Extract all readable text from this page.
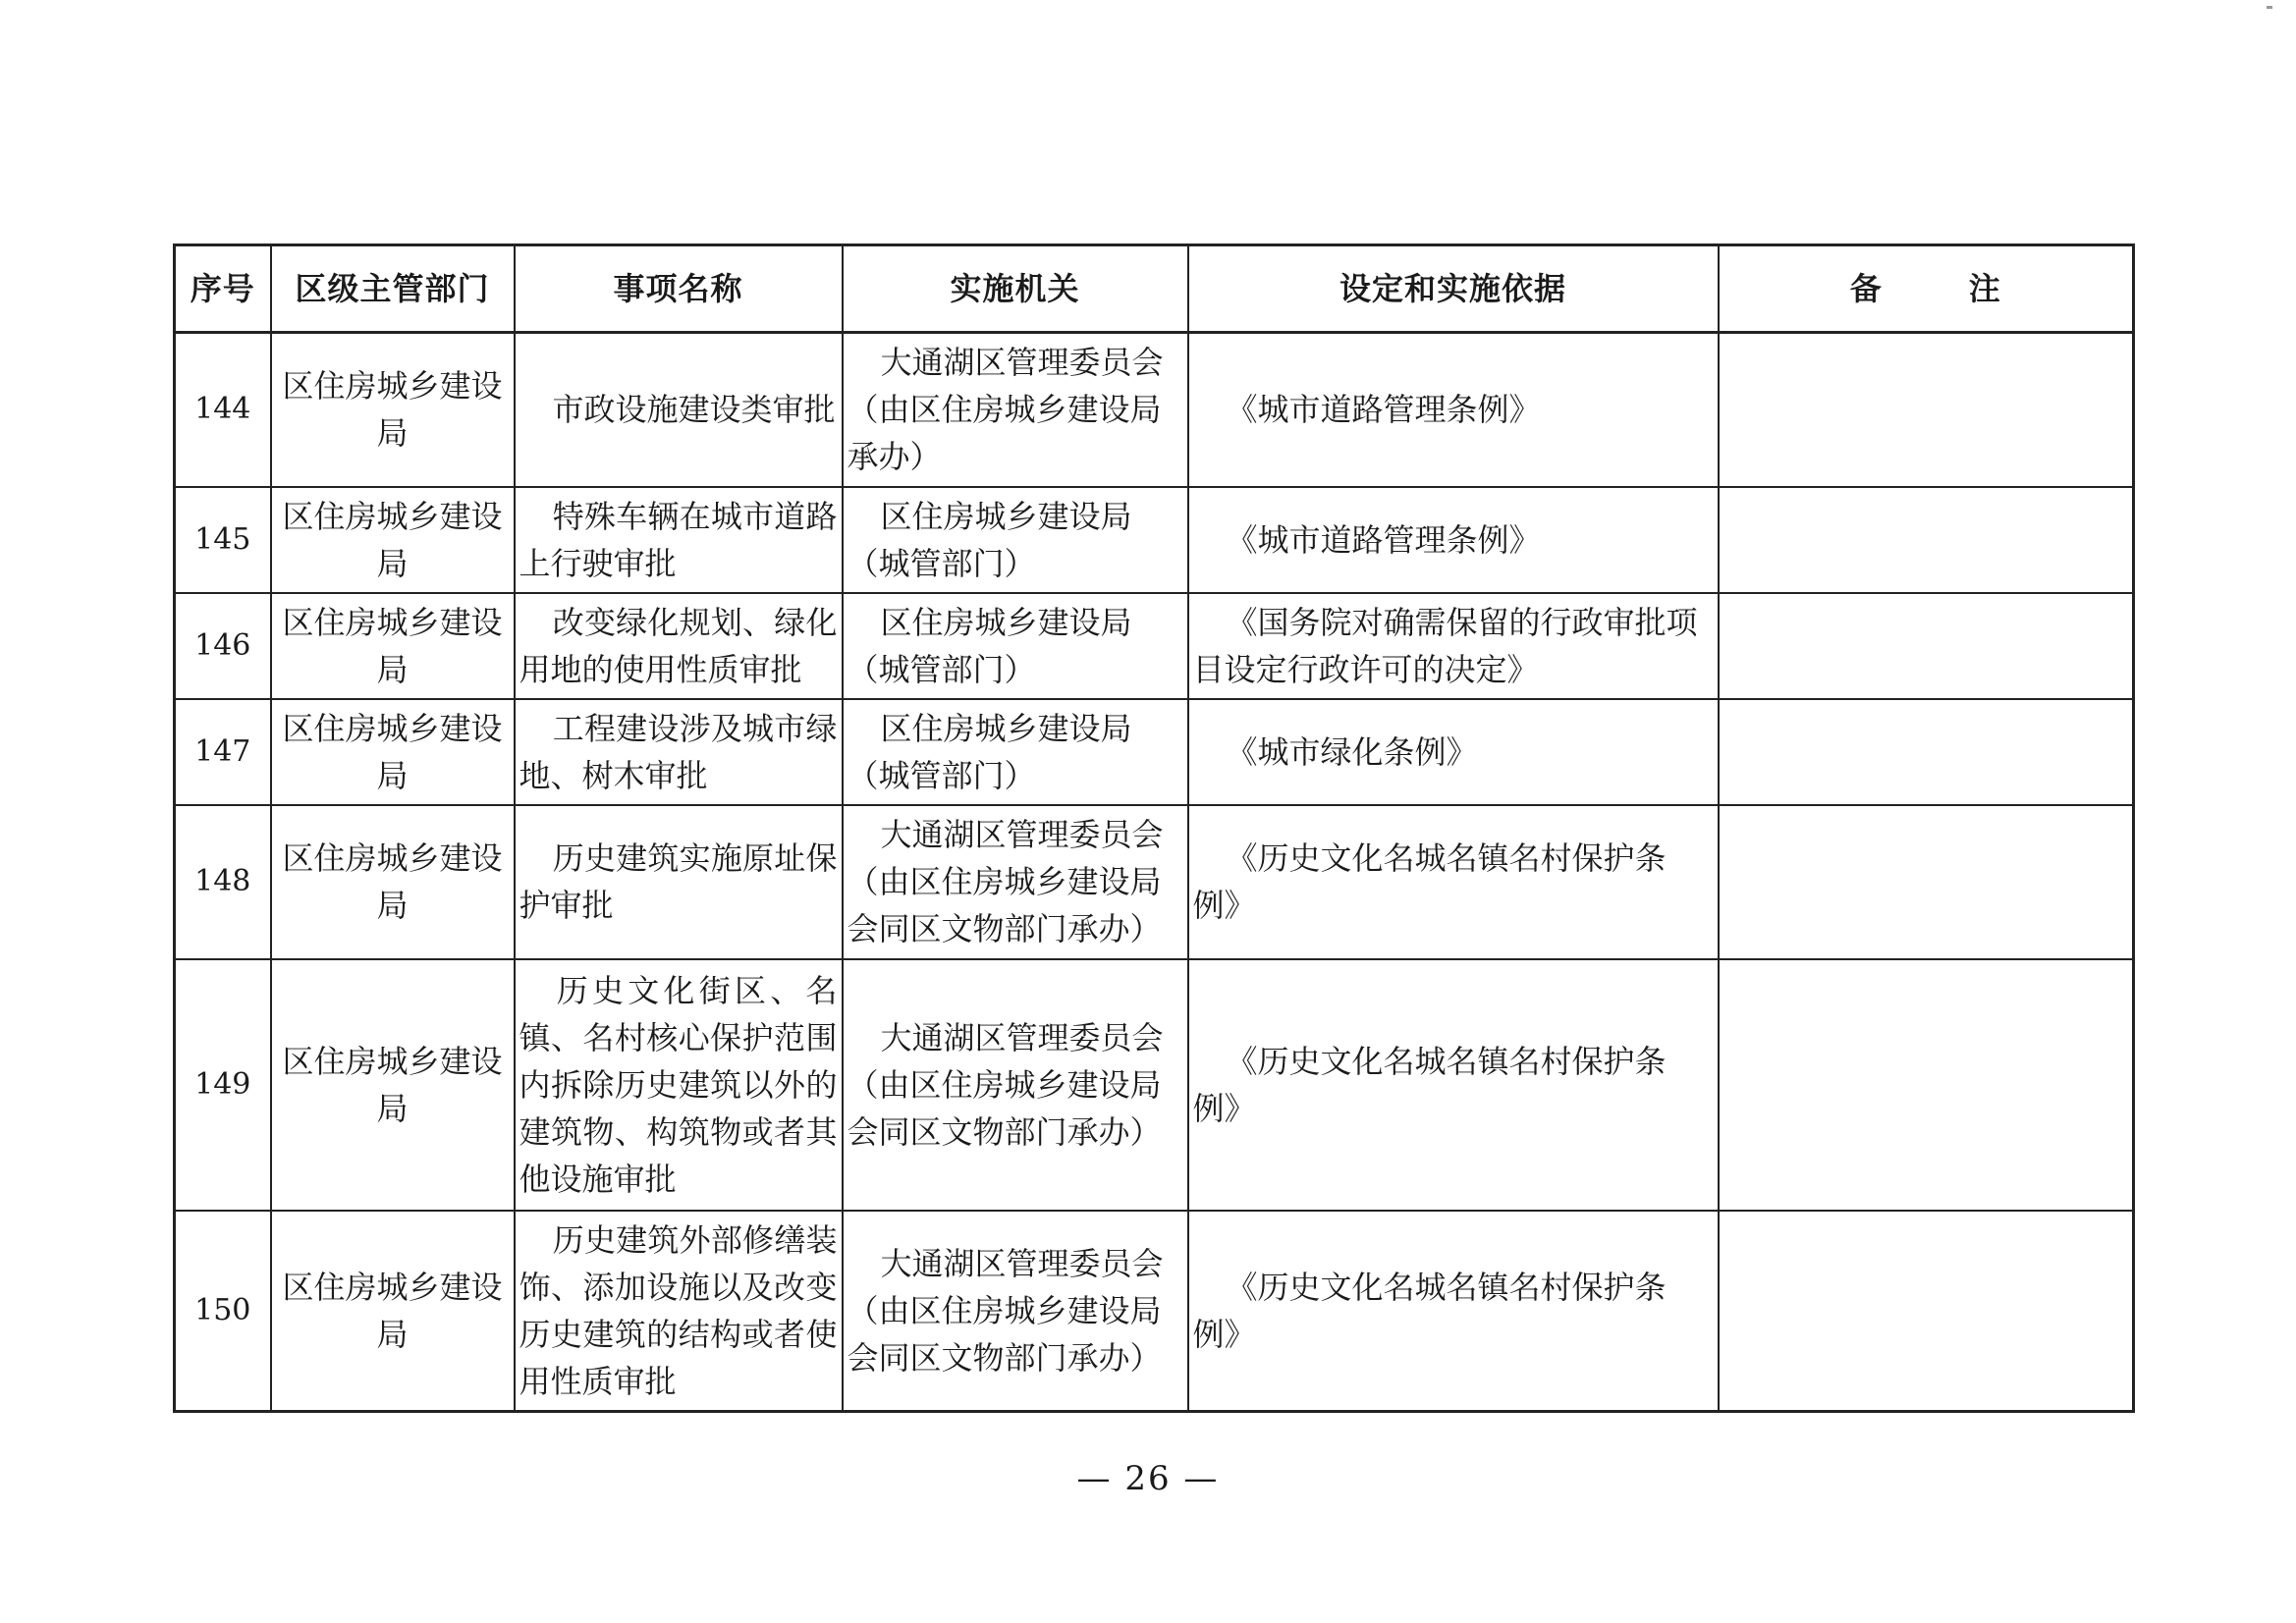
序号	区级主管部门	事项名称	实施机关	设定和实施依据	备 注
144	区住房城乡建设局	市政设施建设类审批	大通湖区管理委员会（由区住房城乡建设局承办）	《城市道路管理条例》	
145	区住房城乡建设局	特殊车辆在城市道路上行驶审批	区住房城乡建设局（城管部门）	《城市道路管理条例》	
146	区住房城乡建设局	改变绿化规划、绿化用地的使用性质审批	区住房城乡建设局（城管部门）	《国务院对确需保留的行政审批项目设定行政许可的决定》	
147	区住房城乡建设局	工程建设涉及城市绿地、树木审批	区住房城乡建设局（城管部门）	《城市绿化条例》	
148	区住房城乡建设局	历史建筑实施原址保护审批	大通湖区管理委员会（由区住房城乡建设局会同区文物部门承办）	《历史文化名城名镇名村保护条例》	
149	区住房城乡建设局	历史文化街区、名镇、名村核心保护范围内拆除历史建筑以外的建筑物、构筑物或者其他设施审批	大通湖区管理委员会（由区住房城乡建设局会同区文物部门承办）	《历史文化名城名镇名村保护条例》	
150	区住房城乡建设局	历史建筑外部修缮装饰、添加设施以及改变历史建筑的结构或者使用性质审批	大通湖区管理委员会（由区住房城乡建设局会同区文物部门承办）	《历史文化名城名镇名村保护条例》	
— 26 —
